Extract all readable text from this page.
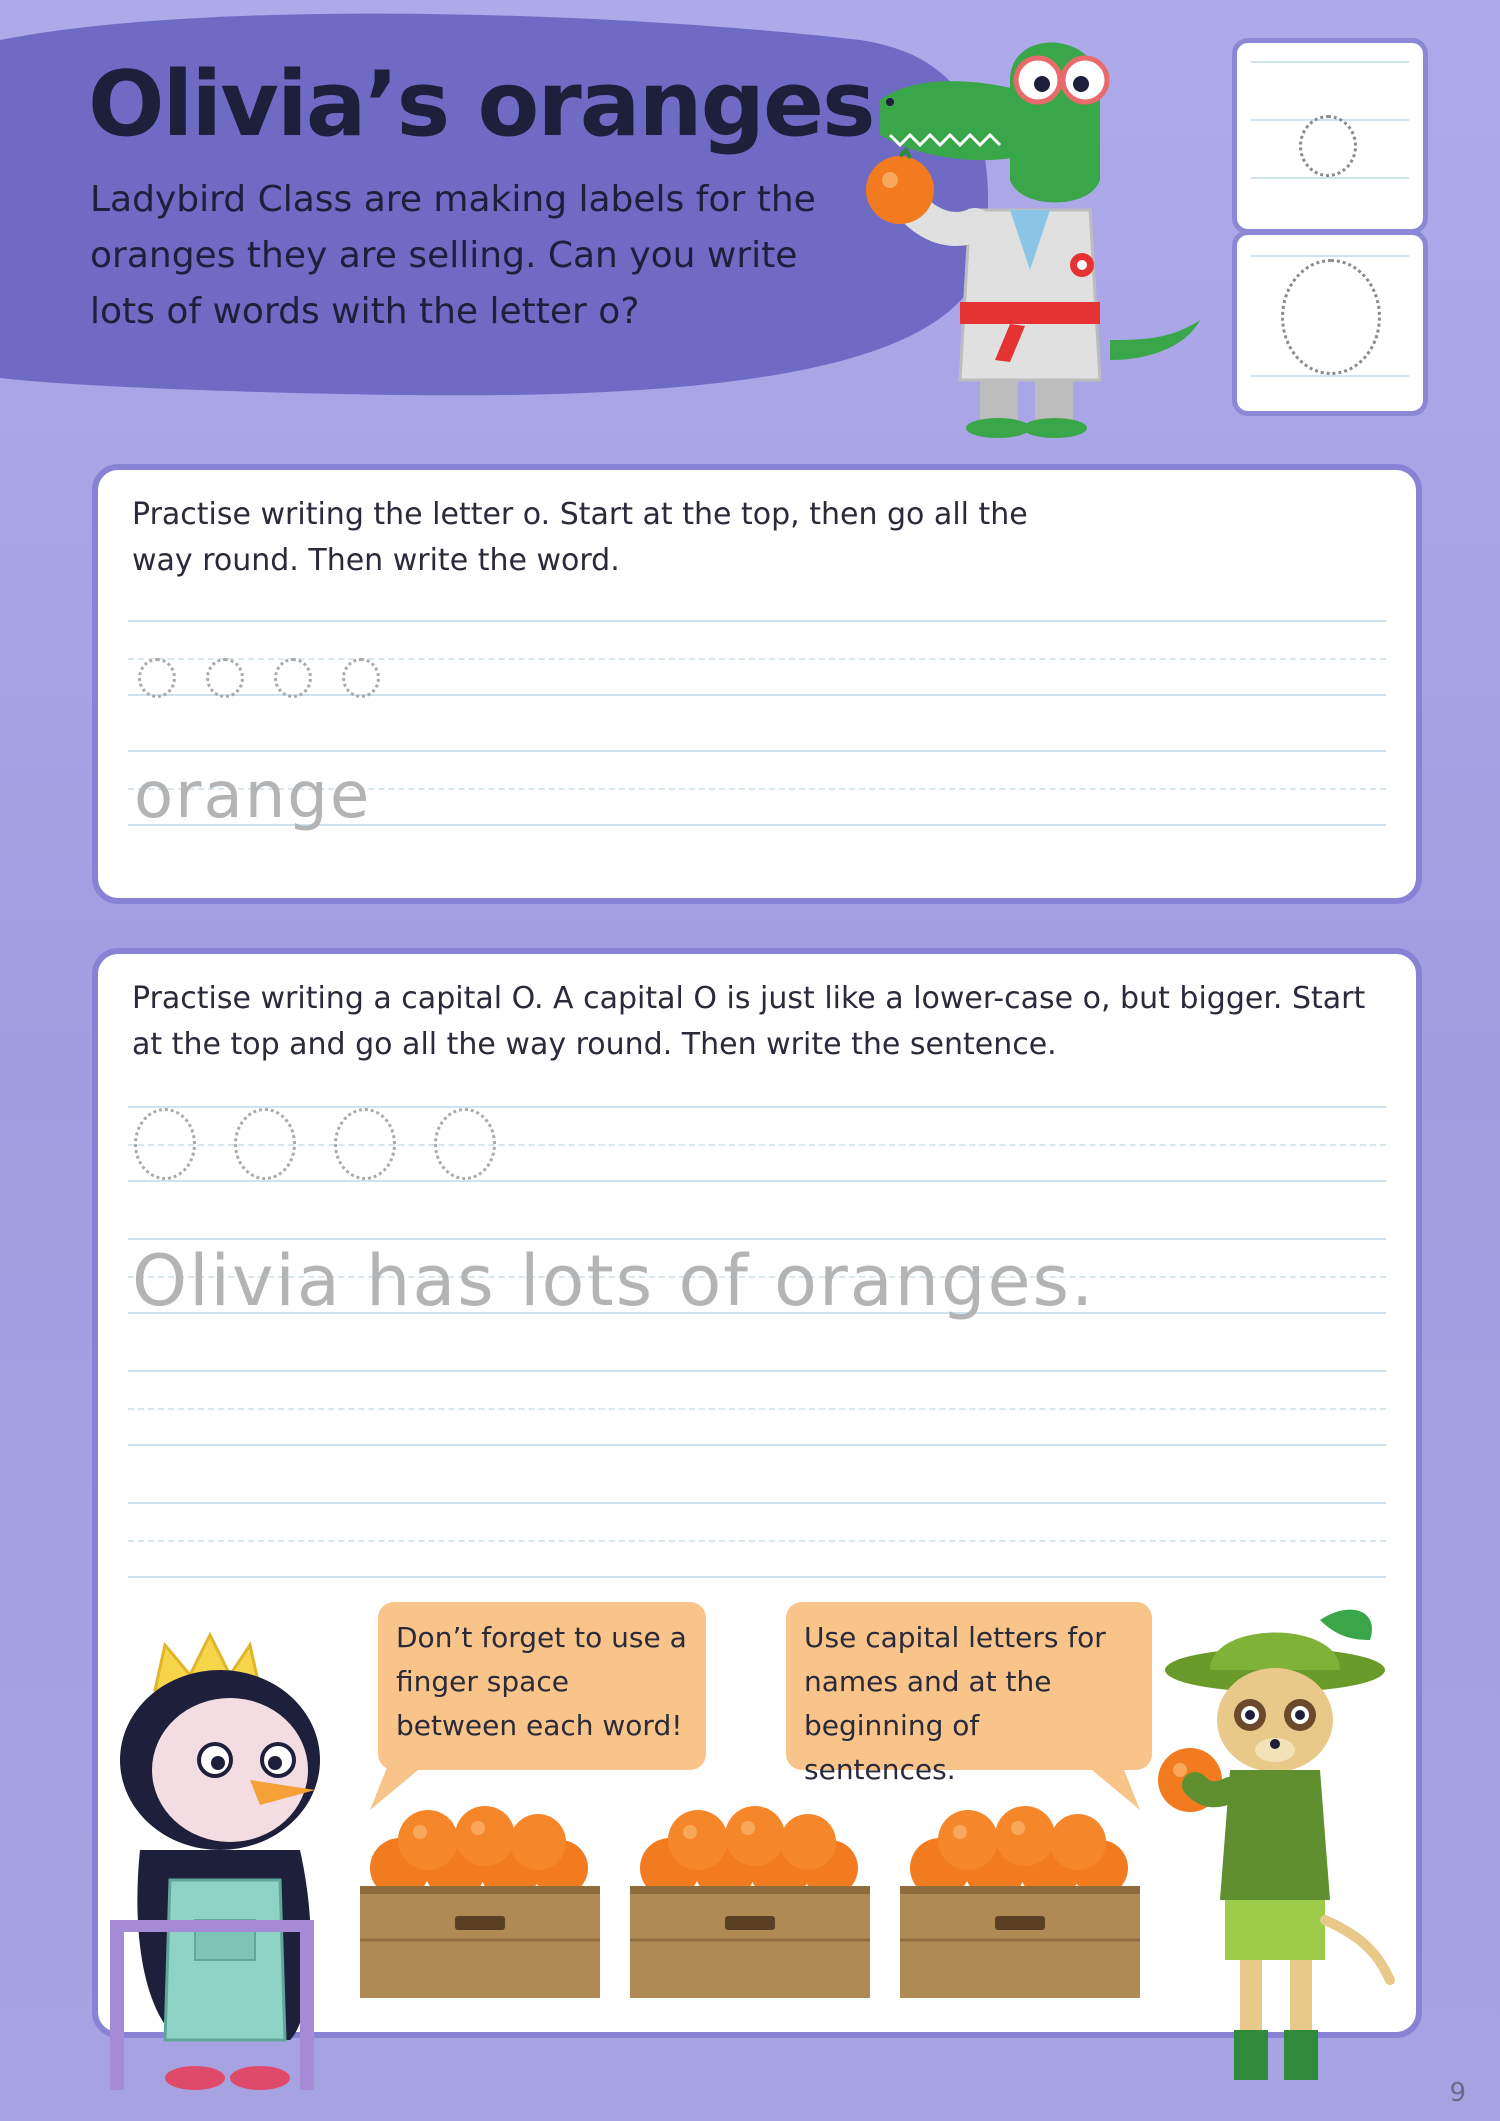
Olivia’s oranges

Ladybird Class are making labels for the oranges they are selling. Can you write lots of words with the letter o?

Practise writing the letter o. Start at the top, then go all the way round. Then write the word.

orange

Practise writing a capital O. A capital O is just like a lower-case o, but bigger. Start at the top and go all the way round. Then write the sentence.

Olivia has lots of oranges.

Don’t forget to use a finger space between each word!

Use capital letters for names and at the beginning of sentences.

9
